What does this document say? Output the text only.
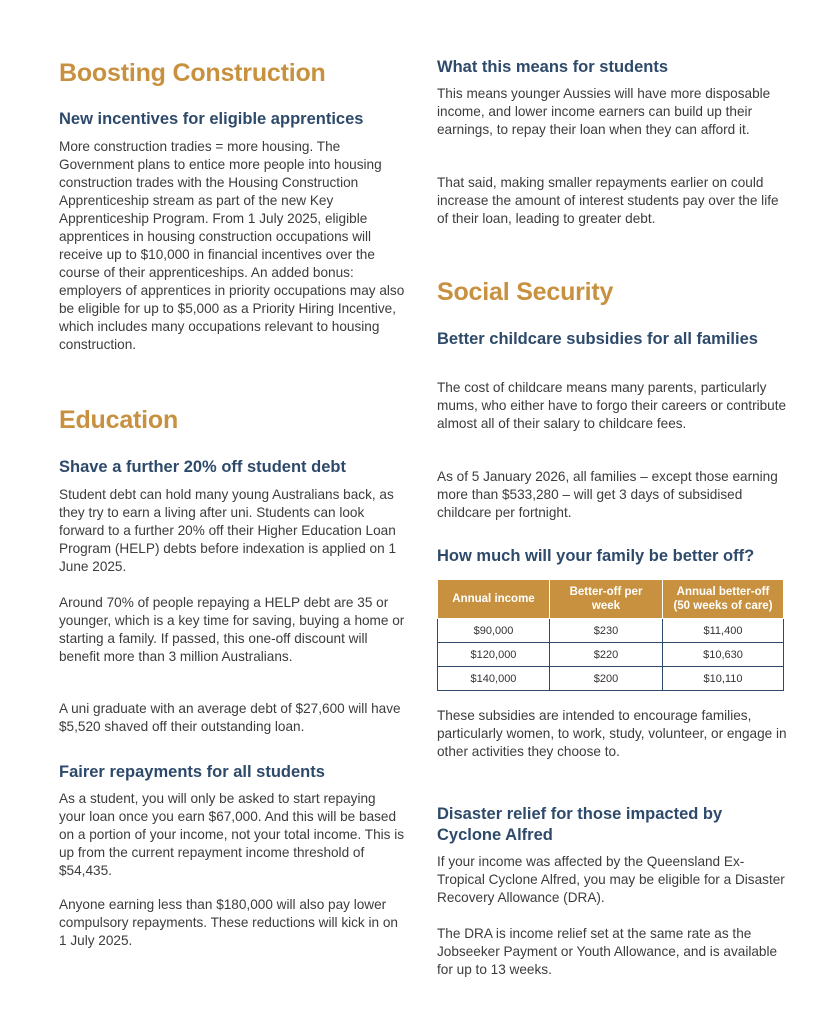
Boosting Construction
New incentives for eligible apprentices

More construction tradies = more housing. The Government plans to entice more people into housing construction trades with the Housing Construction Apprenticeship stream as part of the new Key Apprenticeship Program. From 1 July 2025, eligible apprentices in housing construction occupations will receive up to $10,000 in financial incentives over the course of their apprenticeships. An added bonus: employers of apprentices in priority occupations may also be eligible for up to $5,000 as a Priority Hiring Incentive, which includes many occupations relevant to housing construction.

Education
Shave a further 20% off student debt

Student debt can hold many young Australians back, as they try to earn a living after uni. Students can look forward to a further 20% off their Higher Education Loan Program (HELP) debts before indexation is applied on 1 June 2025.

Around 70% of people repaying a HELP debt are 35 or younger, which is a key time for saving, buying a home or starting a family. If passed, this one-off discount will benefit more than 3 million Australians.

A uni graduate with an average debt of $27,600 will have $5,520 shaved off their outstanding loan.

Fairer repayments for all students

As a student, you will only be asked to start repaying your loan once you earn $67,000. And this will be based on a portion of your income, not your total income. This is up from the current repayment income threshold of $54,435.

Anyone earning less than $180,000 will also pay lower compulsory repayments. These reductions will kick in on 1 July 2025.

What this means for students

This means younger Aussies will have more disposable income, and lower income earners can build up their earnings, to repay their loan when they can afford it.

That said, making smaller repayments earlier on could increase the amount of interest students pay over the life of their loan, leading to greater debt.

Social Security
Better childcare subsidies for all families

The cost of childcare means many parents, particularly mums, who either have to forgo their careers or contribute almost all of their salary to childcare fees.

As of 5 January 2026, all families – except those earning more than $533,280 – will get 3 days of subsidised childcare per fortnight.

How much will your family be better off?
Annual income	Better-off per week	Annual better-off (50 weeks of care)
$90,000	$230	$11,400
$120,000	$220	$10,630
$140,000	$200	$10,110

These subsidies are intended to encourage families, particularly women, to work, study, volunteer, or engage in other activities they choose to.

Disaster relief for those impacted by Cyclone Alfred

If your income was affected by the Queensland Ex-Tropical Cyclone Alfred, you may be eligible for a Disaster Recovery Allowance (DRA).

The DRA is income relief set at the same rate as the Jobseeker Payment or Youth Allowance, and is available for up to 13 weeks.
